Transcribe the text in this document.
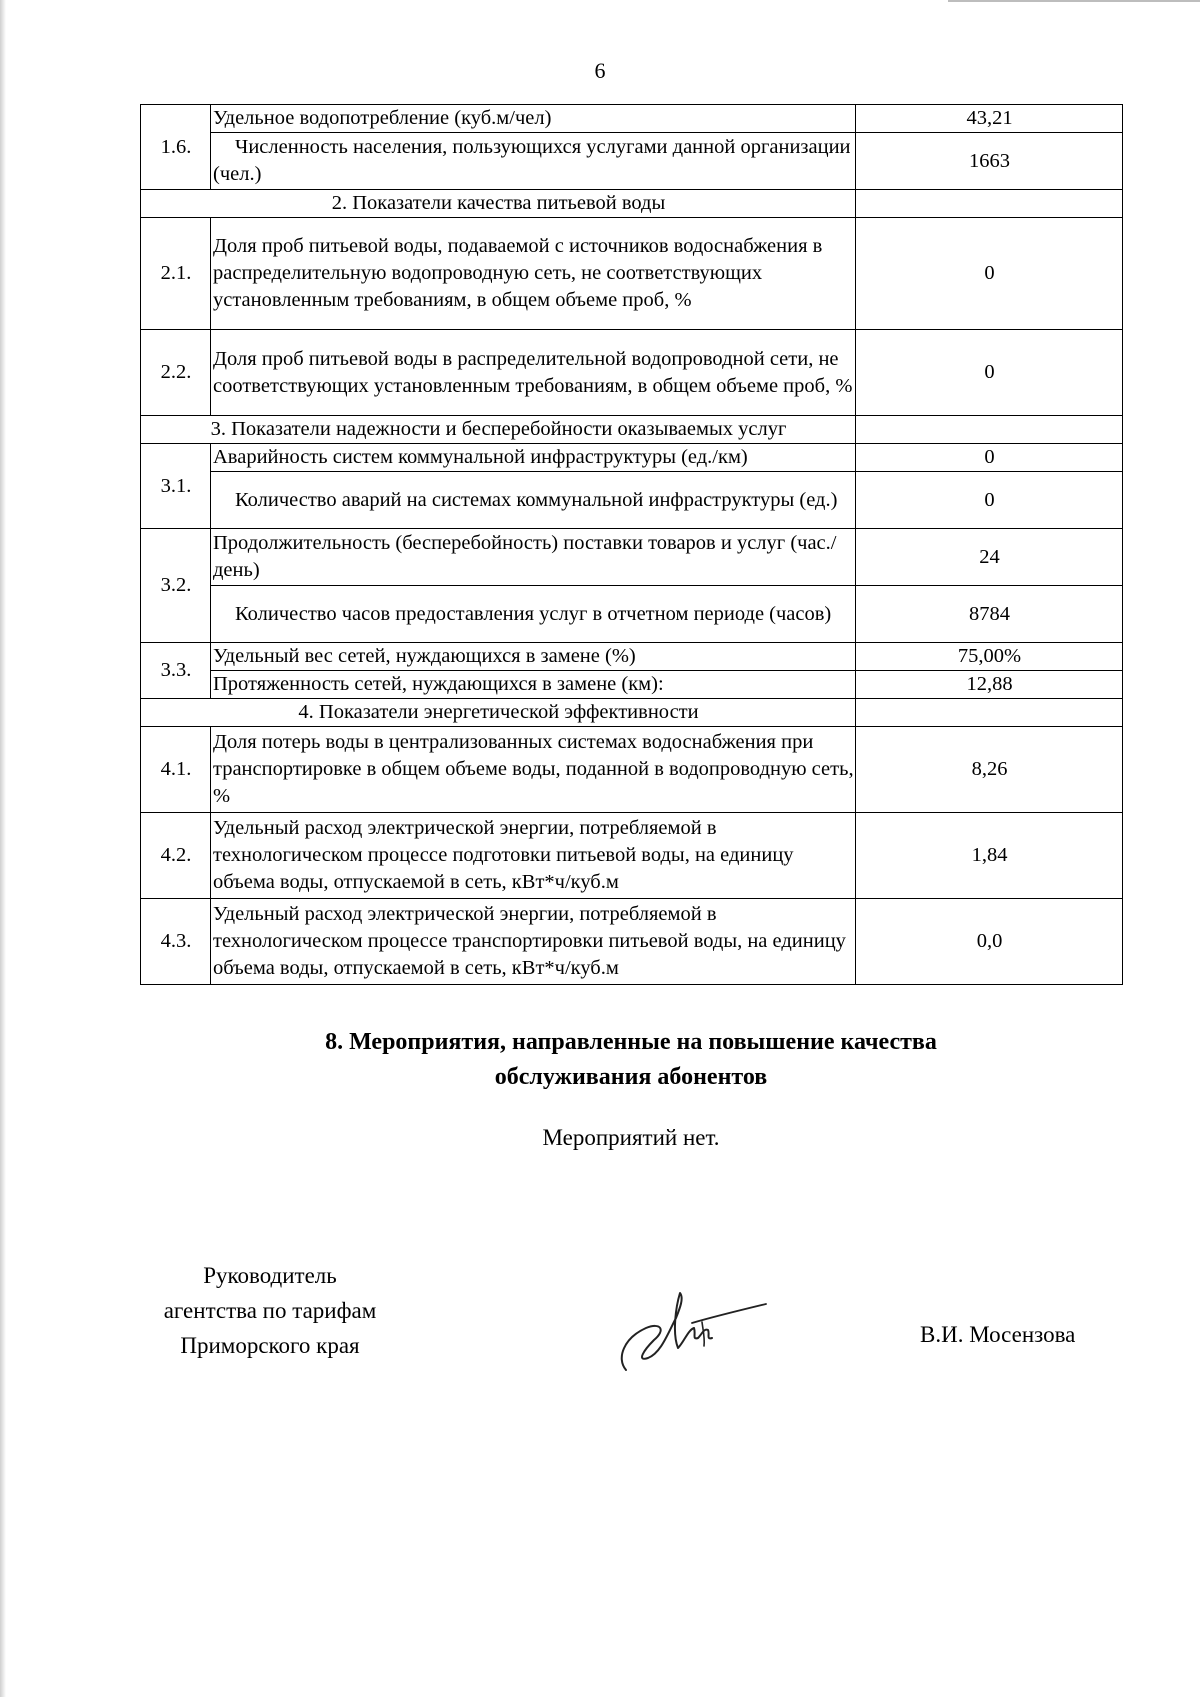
6
1.6.	Удельное водопотребление (куб.м/чел)	43,21
	Численность населения, пользующихся услугами данной организации (чел.)	1663
2. Показатели качества питьевой воды		
2.1.	Доля проб питьевой воды, подаваемой с источников водоснабжения в распределительную водопроводную сеть, не соответствующих установленным требованиям, в общем объеме проб, %	0
2.2.	Доля проб питьевой воды в распределительной водопроводной сети, не соответствующих установленным требованиям, в общем объеме проб, %	0
3. Показатели надежности и бесперебойности оказываемых услуг		
3.1.	Аварийность систем коммунальной инфраструктуры (ед./км)	0
	Количество аварий на системах коммунальной инфраструктуры (ед.)	0
3.2.	Продолжительность (бесперебойность) поставки товаров и услуг (час./день)	24
	Количество часов предоставления услуг в отчетном периоде (часов)	8784
3.3.	Удельный вес сетей, нуждающихся в замене (%)	75,00%
	Протяженность сетей, нуждающихся в замене (км):	12,88
4. Показатели энергетической эффективности		
4.1.	Доля потерь воды в централизованных системах водоснабжения при транспортировке в общем объеме воды, поданной в водопроводную сеть, %	8,26
4.2.	Удельный расход электрической энергии, потребляемой в технологическом процессе подготовки питьевой воды, на единицу объема воды, отпускаемой в сеть, кВт*ч/куб.м	1,84
4.3.	Удельный расход электрической энергии, потребляемой в технологическом процессе транспортировки питьевой воды, на единицу объема воды, отпускаемой в сеть, кВт*ч/куб.м	0,0
8. Мероприятия, направленные на повышение качества
обслуживания абонентов
Мероприятий нет.
Руководитель
агентства по тарифам
Приморского края	В.И. Мосензова
